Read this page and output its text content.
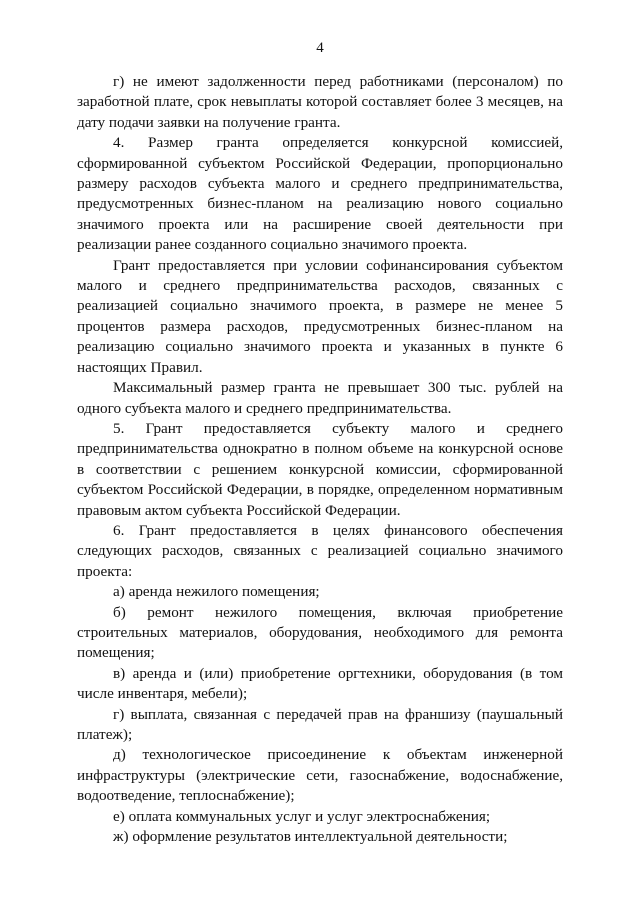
4

г) не имеют задолженности перед работниками (персоналом) по заработной плате, срок невыплаты которой составляет более 3 месяцев, на дату подачи заявки на получение гранта.

4. Размер гранта определяется конкурсной комиссией, сформированной субъектом Российской Федерации, пропорционально размеру расходов субъекта малого и среднего предпринимательства, предусмотренных бизнес-планом на реализацию нового социально значимого проекта или на расширение своей деятельности при реализации ранее созданного социально значимого проекта.

Грант предоставляется при условии софинансирования субъектом малого и среднего предпринимательства расходов, связанных с реализацией социально значимого проекта, в размере не менее 5 процентов размера расходов, предусмотренных бизнес-планом на реализацию социально значимого проекта и указанных в пункте 6 настоящих Правил.

Максимальный размер гранта не превышает 300 тыс. рублей на одного субъекта малого и среднего предпринимательства.

5. Грант предоставляется субъекту малого и среднего предпринимательства однократно в полном объеме на конкурсной основе в соответствии с решением конкурсной комиссии, сформированной субъектом Российской Федерации, в порядке, определенном нормативным правовым актом субъекта Российской Федерации.

6. Грант предоставляется в целях финансового обеспечения следующих расходов, связанных с реализацией социально значимого проекта:

а) аренда нежилого помещения;

б) ремонт нежилого помещения, включая приобретение строительных материалов, оборудования, необходимого для ремонта помещения;

в) аренда и (или) приобретение оргтехники, оборудования (в том числе инвентаря, мебели);

г) выплата, связанная с передачей прав на франшизу (паушальный платеж);

д) технологическое присоединение к объектам инженерной инфраструктуры (электрические сети, газоснабжение, водоснабжение, водоотведение, теплоснабжение);

е) оплата коммунальных услуг и услуг электроснабжения;

ж) оформление результатов интеллектуальной деятельности;
